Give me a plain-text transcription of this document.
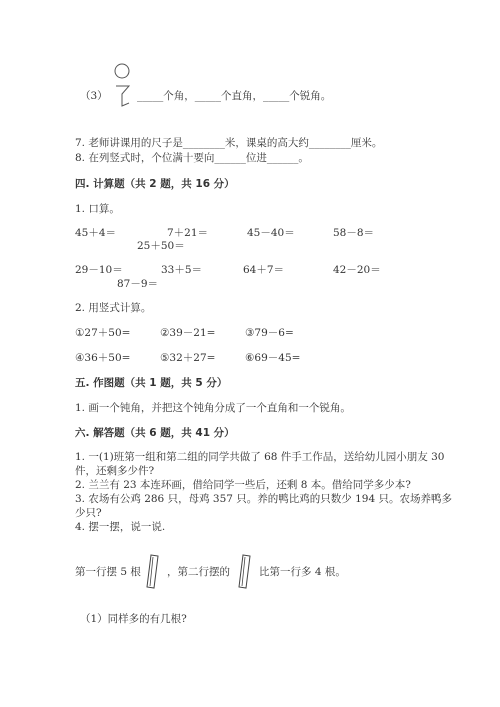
（3）	_____个角，_____个直角，_____个锐角。
7. 老师讲课用的尺子是________米，课桌的高大约________厘米。
8. 在列竖式时，个位满十要向______位进______。
四. 计算题（共 2 题，共 16 分）
1. 口算。
45＋4＝	7＋21＝	45－40＝	58－8＝
25＋50＝
29－10＝	33＋5＝	64＋7＝	42－20＝
87－9＝
2. 用竖式计算。
①27＋50=	②39－21=	③79－6=
④36＋50=	⑤32＋27=	⑥69－45=
五. 作图题（共 1 题，共 5 分）
1. 画一个钝角，并把这个钝角分成了一个直角和一个锐角。
六. 解答题（共 6 题，共 41 分）
1. 一(1)班第一组和第二组的同学共做了 68 件手工作品，送给幼儿园小朋友 30
件，还剩多少件?
2. 兰兰有 23 本连环画，借给同学一些后，还剩 8 本。借给同学多少本?
3. 农场有公鸡 286 只，母鸡 357 只。养的鸭比鸡的只数少 194 只。农场养鸭多
少只?
4. 摆一摆，说一说.
第一行摆 5 根 ，第二行摆的	比第一行多 4 根。
（1）同样多的有几根?
